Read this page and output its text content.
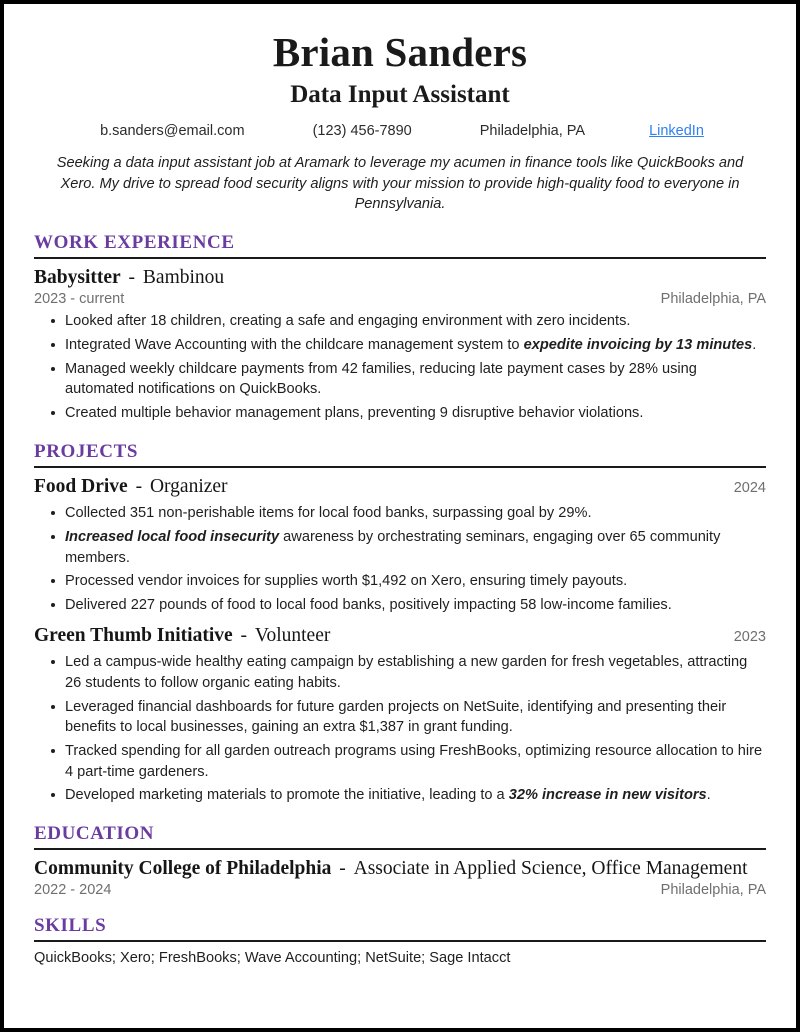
Brian Sanders
Data Input Assistant
b.sanders@email.com	(123) 456-7890	Philadelphia, PA	LinkedIn
Seeking a data input assistant job at Aramark to leverage my acumen in finance tools like QuickBooks and Xero. My drive to spread food security aligns with your mission to provide high-quality food to everyone in Pennsylvania.
WORK EXPERIENCE
Babysitter - Bambinou
2023 - current	Philadelphia, PA
Looked after 18 children, creating a safe and engaging environment with zero incidents.
Integrated Wave Accounting with the childcare management system to expedite invoicing by 13 minutes.
Managed weekly childcare payments from 42 families, reducing late payment cases by 28% using automated notifications on QuickBooks.
Created multiple behavior management plans, preventing 9 disruptive behavior violations.
PROJECTS
Food Drive - Organizer	2024
Collected 351 non-perishable items for local food banks, surpassing goal by 29%.
Increased local food insecurity awareness by orchestrating seminars, engaging over 65 community members.
Processed vendor invoices for supplies worth $1,492 on Xero, ensuring timely payouts.
Delivered 227 pounds of food to local food banks, positively impacting 58 low-income families.
Green Thumb Initiative - Volunteer	2023
Led a campus-wide healthy eating campaign by establishing a new garden for fresh vegetables, attracting 26 students to follow organic eating habits.
Leveraged financial dashboards for future garden projects on NetSuite, identifying and presenting their benefits to local businesses, gaining an extra $1,387 in grant funding.
Tracked spending for all garden outreach programs using FreshBooks, optimizing resource allocation to hire 4 part-time gardeners.
Developed marketing materials to promote the initiative, leading to a 32% increase in new visitors.
EDUCATION
Community College of Philadelphia - Associate in Applied Science, Office Management
2022 - 2024	Philadelphia, PA
SKILLS
QuickBooks; Xero; FreshBooks; Wave Accounting; NetSuite; Sage Intacct
